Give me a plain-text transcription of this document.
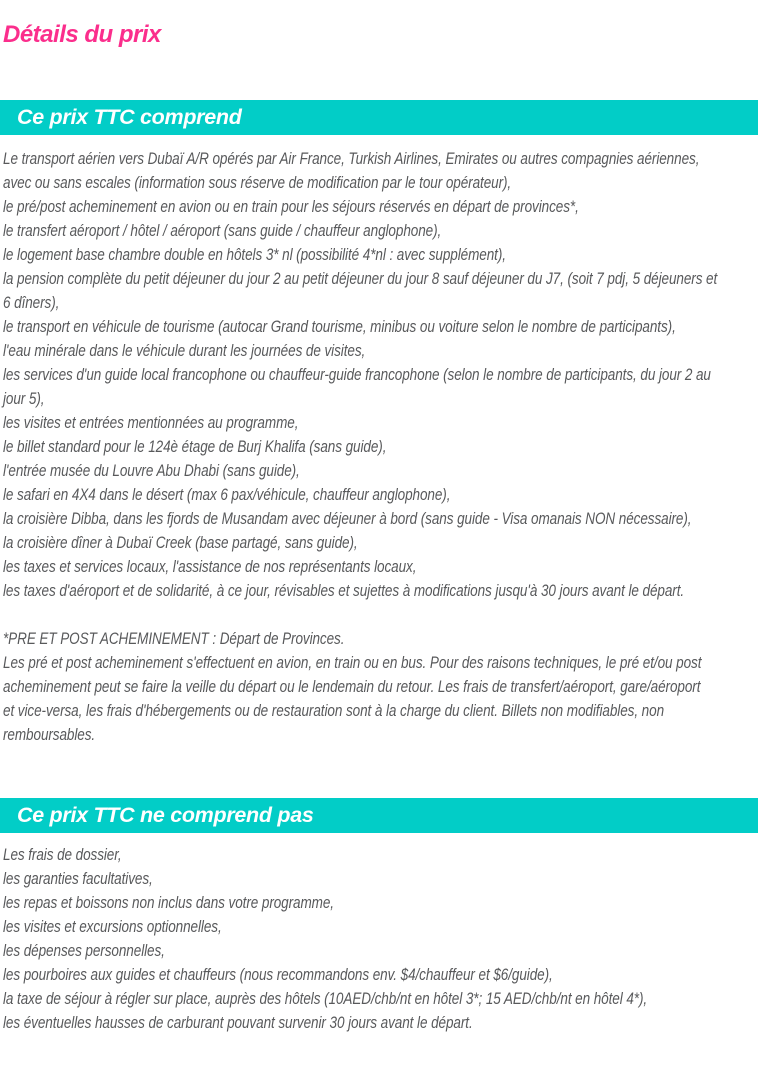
Détails du prix
Ce prix TTC comprend
Le transport aérien vers Dubaï A/R opérés par Air France, Turkish Airlines, Emirates ou autres compagnies aériennes,
avec ou sans escales (information sous réserve de modification par le tour opérateur),
le pré/post acheminement en avion ou en train pour les séjours réservés en départ de provinces*,
le transfert aéroport / hôtel / aéroport (sans guide / chauffeur anglophone),
le logement base chambre double en hôtels 3* nl (possibilité 4*nl : avec supplément),
la pension complète du petit déjeuner du jour 2 au petit déjeuner du jour 8 sauf déjeuner du J7, (soit 7 pdj, 5 déjeuners et
6 dîners),
le transport en véhicule de tourisme (autocar Grand tourisme, minibus ou voiture selon le nombre de participants),
l'eau minérale dans le véhicule durant les journées de visites,
les services d'un guide local francophone ou chauffeur-guide francophone (selon le nombre de participants, du jour 2 au
jour 5),
les visites et entrées mentionnées au programme,
le billet standard pour le 124è étage de Burj Khalifa (sans guide),
l'entrée musée du Louvre Abu Dhabi (sans guide),
le safari en 4X4 dans le désert (max 6 pax/véhicule, chauffeur anglophone),
la croisière Dibba, dans les fjords de Musandam avec déjeuner à bord (sans guide - Visa omanais NON nécessaire),
la croisière dîner à Dubaï Creek (base partagé, sans guide),
les taxes et services locaux, l'assistance de nos représentants locaux,
les taxes d'aéroport et de solidarité, à ce jour, révisables et sujettes à modifications jusqu'à 30 jours avant le départ.
*PRE ET POST ACHEMINEMENT : Départ de Provinces.
Les pré et post acheminement s'effectuent en avion, en train ou en bus. Pour des raisons techniques, le pré et/ou post
acheminement peut se faire la veille du départ ou le lendemain du retour. Les frais de transfert/aéroport, gare/aéroport
et vice-versa, les frais d'hébergements ou de restauration sont à la charge du client. Billets non modifiables, non
remboursables.
Ce prix TTC ne comprend pas
Les frais de dossier,
les garanties facultatives,
les repas et boissons non inclus dans votre programme,
les visites et excursions optionnelles,
les dépenses personnelles,
les pourboires aux guides et chauffeurs (nous recommandons env. $4/chauffeur et $6/guide),
la taxe de séjour à régler sur place, auprès des hôtels (10AED/chb/nt en hôtel 3*; 15 AED/chb/nt en hôtel 4*),
les éventuelles hausses de carburant pouvant survenir 30 jours avant le départ.
